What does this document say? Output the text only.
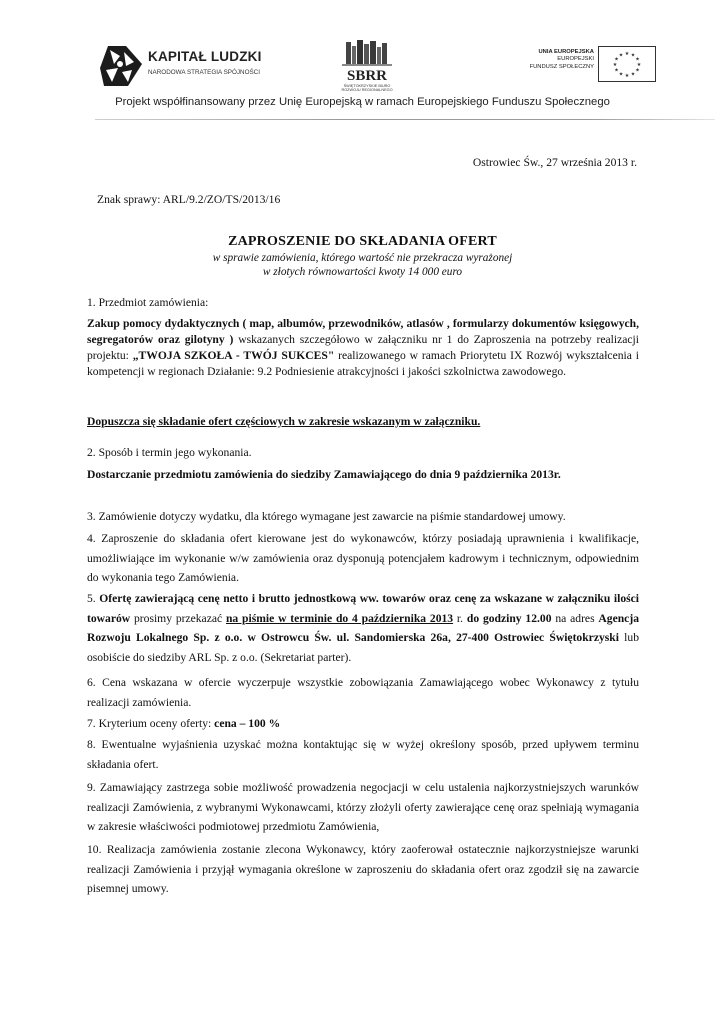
KAPITAŁ LUDZKI
NARODOWA STRATEGIA SPÓJNOŚCI	SBRR
ŚWIĘTOKRZYSKIE BIURO
ROZWOJU REGIONALNEGO
UNIA EUROPEJSKA
EUROPEJSKI
FUNDUSZ SPOŁECZNY
★ ★
★
★
★
★
★
★
★
★
★
★
Projekt współfinansowany przez Unię Europejską w ramach Europejskiego Funduszu Społecznego
Ostrowiec Św., 27 września 2013 r.
Znak sprawy: ARL/9.2/ZO/TS/2013/16
ZAPROSZENIE DO SKŁADANIA OFERT
w sprawie zamówienia, którego wartość nie przekracza wyrażonej
w złotych równowartości kwoty 14 000 euro
1. Przedmiot zamówienia:
Zakup pomocy dydaktycznych ( map, albumów, przewodników, atlasów , formularzy dokumentów księgowych, segregatorów oraz gilotyny ) wskazanych szczegółowo w załączniku nr 1 do Zaproszenia na potrzeby realizacji projektu: „TWOJA SZKOŁA - TWÓJ SUKCES" realizowanego w ramach Priorytetu IX Rozwój wykształcenia i kompetencji w regionach Działanie: 9.2 Podniesienie atrakcyjności i jakości szkolnictwa zawodowego.
Dopuszcza się składanie ofert częściowych w zakresie wskazanym w załączniku.
2. Sposób i termin jego wykonania.
Dostarczanie przedmiotu zamówienia do siedziby Zamawiającego do dnia 9 października 2013r.
3. Zamówienie dotyczy wydatku, dla którego wymagane jest zawarcie na piśmie standardowej umowy.
4. Zaproszenie do składania ofert kierowane jest do wykonawców, którzy posiadają uprawnienia i kwalifikacje, umożliwiające im wykonanie w/w zamówienia oraz dysponują potencjałem kadrowym i technicznym, odpowiednim do wykonania tego Zamówienia.
5. Ofertę zawierającą cenę netto i brutto jednostkową ww. towarów oraz cenę za wskazane w załączniku ilości towarów prosimy przekazać na piśmie w terminie do 4 października 2013 r. do godziny 12.00 na adres Agencja Rozwoju Lokalnego Sp. z o.o. w Ostrowcu Św. ul. Sandomierska 26a, 27-400 Ostrowiec Świętokrzyski lub osobiście do siedziby ARL Sp. z o.o. (Sekretariat parter).
6. Cena wskazana w ofercie wyczerpuje wszystkie zobowiązania Zamawiającego wobec Wykonawcy z tytułu realizacji zamówienia.
7. Kryterium oceny oferty: cena – 100 %
8. Ewentualne wyjaśnienia uzyskać można kontaktując się w wyżej określony sposób, przed upływem terminu składania ofert.
9. Zamawiający zastrzega sobie możliwość prowadzenia negocjacji w celu ustalenia najkorzystniejszych warunków realizacji Zamówienia, z wybranymi Wykonawcami, którzy złożyli oferty zawierające cenę oraz spełniają wymagania w zakresie właściwości podmiotowej przedmiotu Zamówienia,
10. Realizacja zamówienia zostanie zlecona Wykonawcy, który zaoferował ostatecznie najkorzystniejsze warunki realizacji Zamówienia i przyjął wymagania określone w zaproszeniu do składania ofert oraz zgodził się na zawarcie pisemnej umowy.
